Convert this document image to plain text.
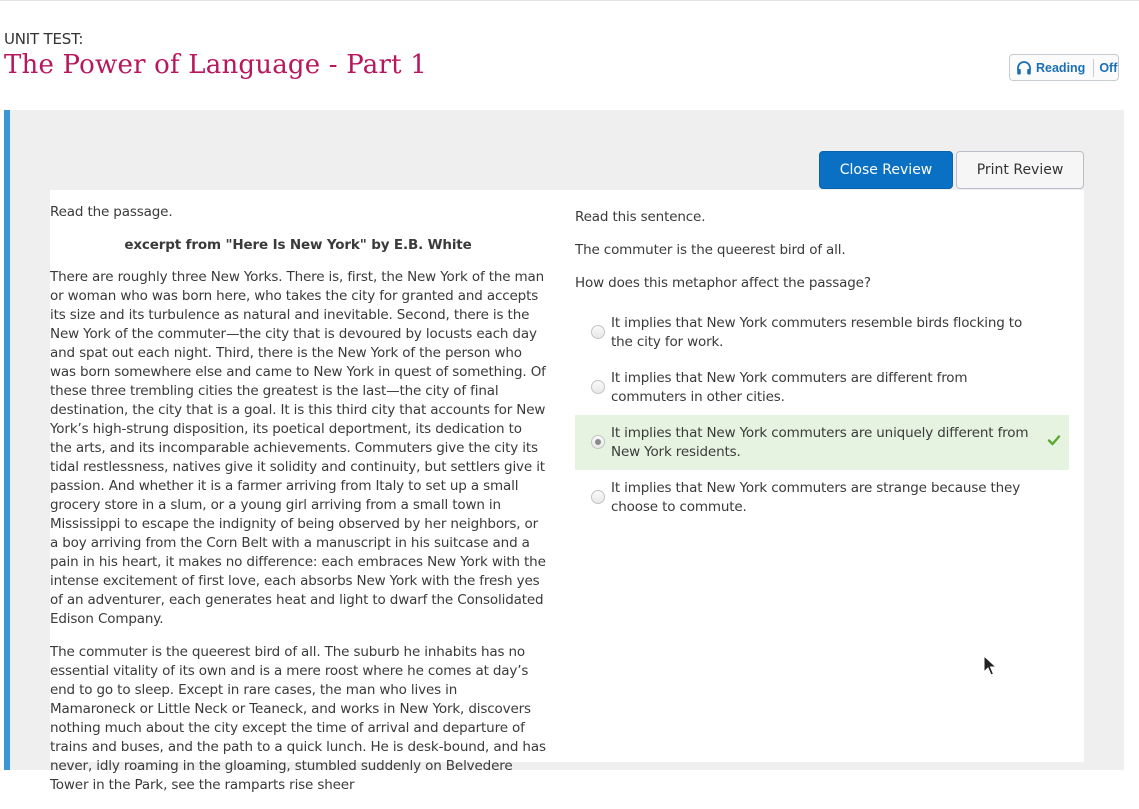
UNIT TEST:
The Power of Language - Part 1	Reading Off
Close Review	Print Review

Read the passage.

excerpt from "Here Is New York" by E.B. White

There are roughly three New Yorks. There is, first, the New York of the man or woman who was born here, who takes the city for granted and accepts its size and its turbulence as natural and inevitable. Second, there is the New York of the commuter—the city that is devoured by locusts each day and spat out each night. Third, there is the New York of the person who was born somewhere else and came to New York in quest of something. Of these three trembling cities the greatest is the last—the city of final destination, the city that is a goal. It is this third city that accounts for New York’s high-strung disposition, its poetical deportment, its dedication to the arts, and its incomparable achievements. Commuters give the city its tidal restlessness, natives give it solidity and continuity, but settlers give it passion. And whether it is a farmer arriving from Italy to set up a small grocery store in a slum, or a young girl arriving from a small town in Mississippi to escape the indignity of being observed by her neighbors, or a boy arriving from the Corn Belt with a manuscript in his suitcase and a pain in his heart, it makes no difference: each embraces New York with the intense excitement of first love, each absorbs New York with the fresh yes of an adventurer, each generates heat and light to dwarf the Consolidated Edison Company.

The commuter is the queerest bird of all. The suburb he inhabits has no essential vitality of its own and is a mere roost where he comes at day’s end to go to sleep. Except in rare cases, the man who lives in Mamaroneck or Little Neck or Teaneck, and works in New York, discovers nothing much about the city except the time of arrival and departure of trains and buses, and the path to a quick lunch. He is desk-bound, and has never, idly roaming in the gloaming, stumbled suddenly on Belvedere Tower in the Park, see the ramparts rise sheer

Read this sentence.

The commuter is the queerest bird of all.

How does this metaphor affect the passage?

It implies that New York commuters resemble birds flocking to the city for work.
It implies that New York commuters are different from commuters in other cities.
It implies that New York commuters are uniquely different from New York residents.
It implies that New York commuters are strange because they choose to commute.
